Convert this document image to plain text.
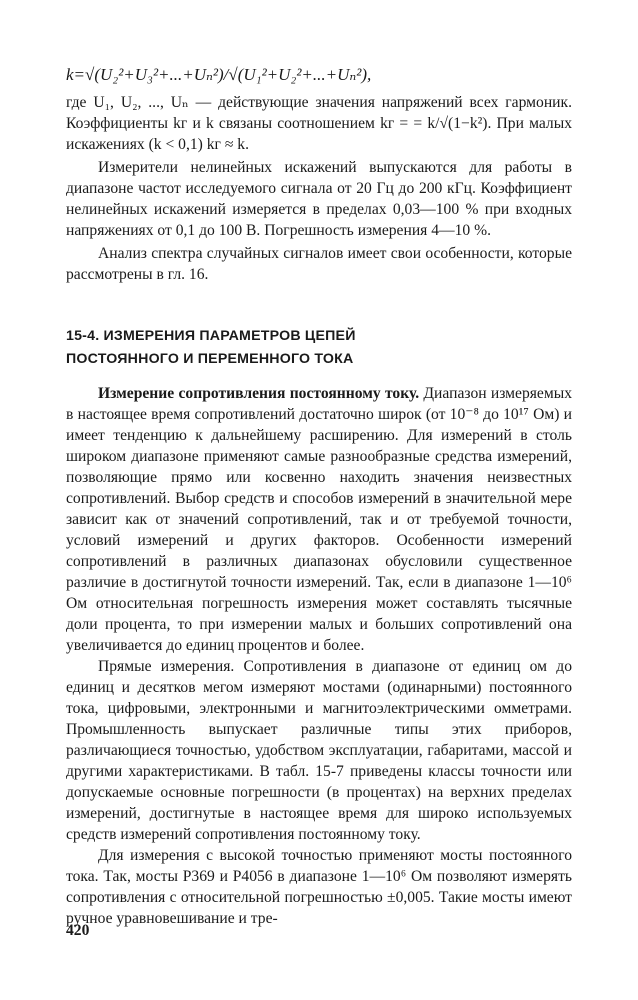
k=√(U₂²+U₃²+...+Uₙ²)/√(U₁²+U₂²+...+Uₙ²),

где U₁, U₂, ..., Uₙ — действующие значения напряжений всех гармоник. Коэффициенты kг и k связаны соотношением kг = = k/√(1−k²). При малых искажениях (k < 0,1) kг ≈ k.

Измерители нелинейных искажений выпускаются для работы в диапазоне частот исследуемого сигнала от 20 Гц до 200 кГц. Коэффициент нелинейных искажений измеряется в пределах 0,03—100 % при входных напряжениях от 0,1 до 100 В. Погрешность измерения 4—10 %.

Анализ спектра случайных сигналов имеет свои особенности, которые рассмотрены в гл. 16.

15-4. ИЗМЕРЕНИЯ ПАРАМЕТРОВ ЦЕПЕЙ
ПОСТОЯННОГО И ПЕРЕМЕННОГО ТОКА

Измерение сопротивления постоянному току. Диапазон измеряемых в настоящее время сопротивлений достаточно широк (от 10⁻⁸ до 10¹⁷ Ом) и имеет тенденцию к дальнейшему расширению. Для измерений в столь широком диапазоне применяют самые разнообразные средства измерений, позволяющие прямо или косвенно находить значения неизвестных сопротивлений. Выбор средств и способов измерений в значительной мере зависит как от значений сопротивлений, так и от требуемой точности, условий измерений и других факторов. Особенности измерений сопротивлений в различных диапазонах обусловили существенное различие в достигнутой точности измерений. Так, если в диапазоне 1—10⁶ Ом относительная погрешность измерения может составлять тысячные доли процента, то при измерении малых и больших сопротивлений она увеличивается до единиц процентов и более.

Прямые измерения. Сопротивления в диапазоне от единиц ом до единиц и десятков мегом измеряют мостами (одинарными) постоянного тока, цифровыми, электронными и магнитоэлектрическими омметрами. Промышленность выпускает различные типы этих приборов, различающиеся точностью, удобством эксплуатации, габаритами, массой и другими характеристиками. В табл. 15-7 приведены классы точности или допускаемые основные погрешности (в процентах) на верхних пределах измерений, достигнутые в настоящее время для широко используемых средств измерений сопротивления постоянному току.

Для измерения с высокой точностью применяют мосты постоянного тока. Так, мосты Р369 и Р4056 в диапазоне 1—10⁶ Ом позволяют измерять сопротивления с относительной погрешностью ±0,005. Такие мосты имеют ручное уравновешивание и тре-

420
